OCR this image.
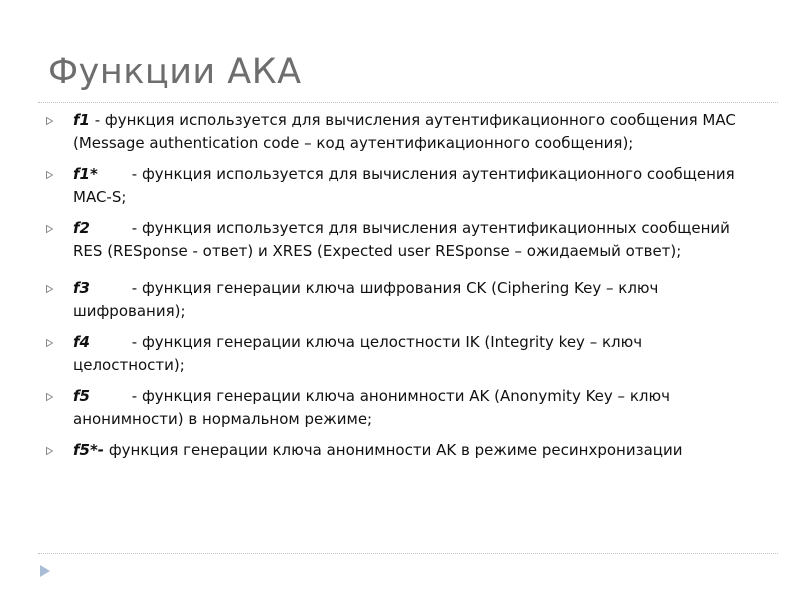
Функции АКА
f1 - функция используется для вычисления аутентификационного сообщения MAC (Message authentication code – код аутентификационного сообщения);
f1* - функция используется для вычисления аутентификационного сообщения MAC-S;
f2 - функция используется для вычисления аутентификационных сообщений RES (RESponse - ответ) и XRES (Expected user RESponse – ожидаемый ответ);
f3 - функция генерации ключа шифрования CK (Ciphering Key – ключ шифрования);
f4 - функция генерации ключа целостности IK (Integrity key – ключ целостности);
f5 - функция генерации ключа анонимности AK (Anonymity Key – ключ анонимности) в нормальном режиме;
f5*- функция генерации ключа анонимности AK в режиме ресинхронизации
